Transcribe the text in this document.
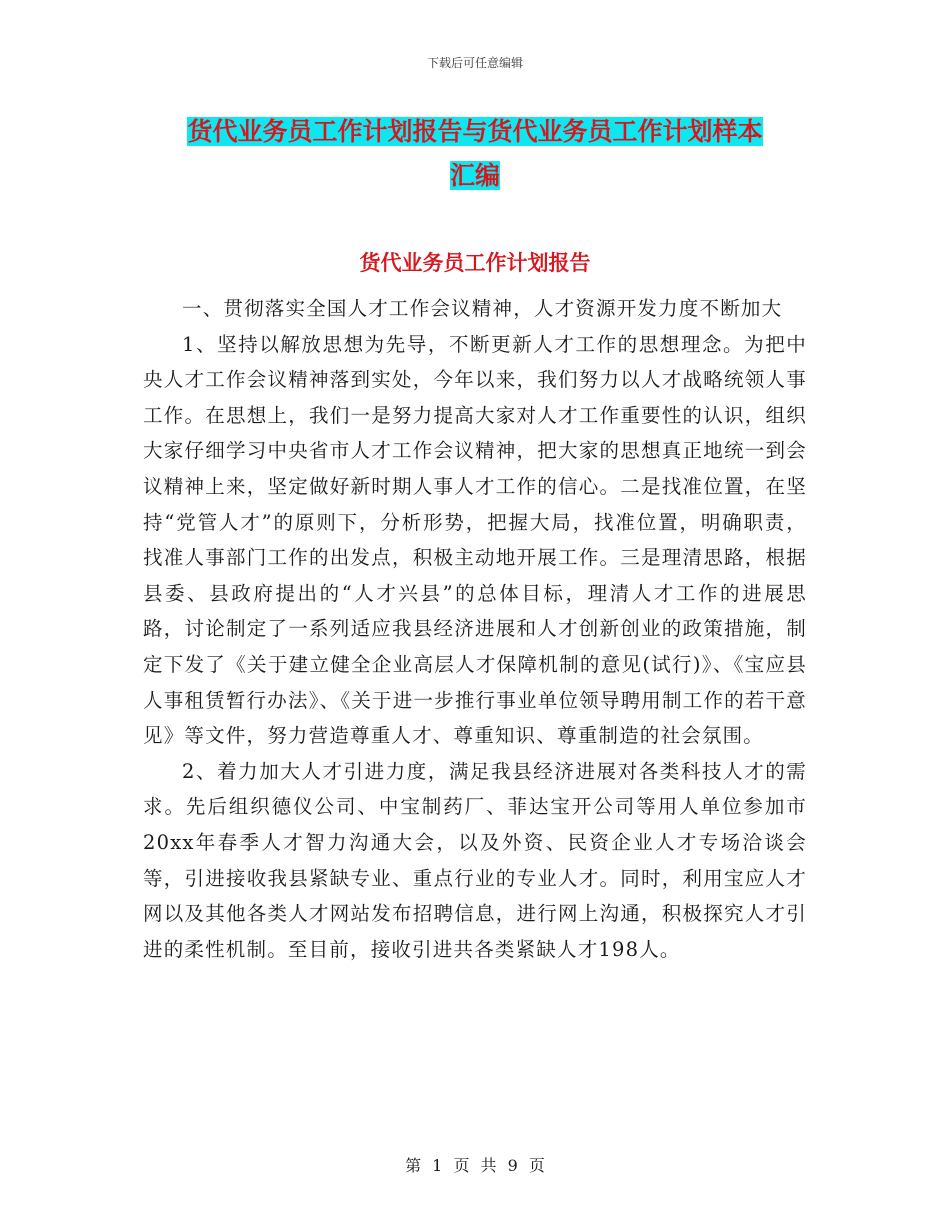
下载后可任意编辑
货代业务员工作计划报告与货代业务员工作计划样本
汇编
货代业务员工作计划报告

一、贯彻落实全国人才工作会议精神，人才资源开发力度不断加大

1、坚持以解放思想为先导，不断更新人才工作的思想理念。为把中央人才工作会议精神落到实处，今年以来，我们努力以人才战略统领人事工作。在思想上，我们一是努力提高大家对人才工作重要性的认识，组织大家仔细学习中央省市人才工作会议精神，把大家的思想真正地统一到会议精神上来，坚定做好新时期人事人才工作的信心。二是找准位置，在坚持“党管人才”的原则下，分析形势，把握大局，找准位置，明确职责，找准人事部门工作的出发点，积极主动地开展工作。三是理清思路，根据县委、县政府提出的“人才兴县”的总体目标，理清人才工作的进展思路，讨论制定了一系列适应我县经济进展和人才创新创业的政策措施，制定下发了《关于建立健全企业高层人才保障机制的意见(试行)》、《宝应县人事租赁暂行办法》、《关于进一步推行事业单位领导聘用制工作的若干意见》等文件，努力营造尊重人才、尊重知识、尊重制造的社会氛围。

2、着力加大人才引进力度，满足我县经济进展对各类科技人才的需求。先后组织德仪公司、中宝制药厂、菲达宝开公司等用人单位参加市20xx年春季人才智力沟通大会，以及外资、民资企业人才专场洽谈会等，引进接收我县紧缺专业、重点行业的专业人才。同时，利用宝应人才网以及其他各类人才网站发布招聘信息，进行网上沟通，积极探究人才引进的柔性机制。至目前，接收引进共各类紧缺人才198人。

第 1 页 共 9 页
